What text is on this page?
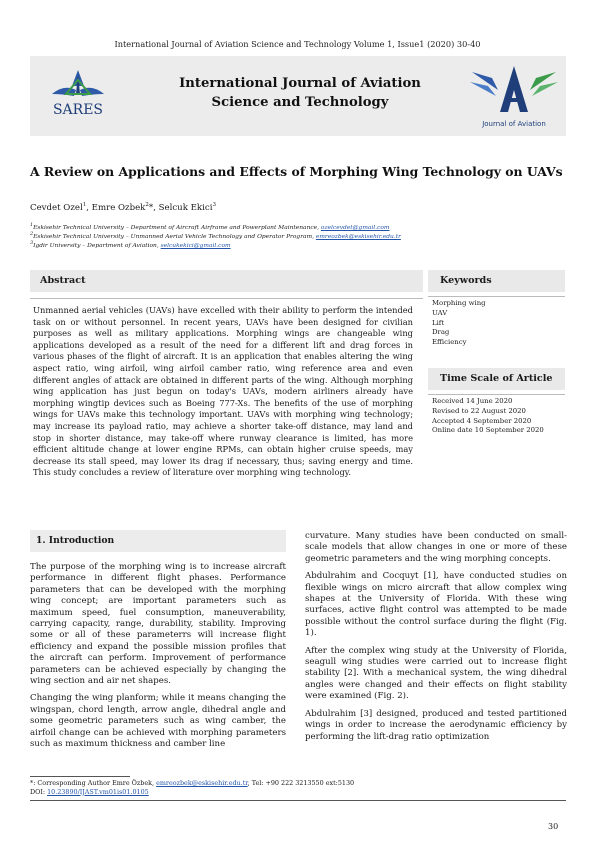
International Journal of Aviation Science and Technology Volume 1, Issue1 (2020) 30-40
SARES
International Journal of Aviation
Science and Technology
Journal of Aviation
A Review on Applications and Effects of Morphing Wing Technology on UAVs
Cevdet Ozel$^1$, Emre Ozbek$^2$*, Selcuk Ekici$^3$
$^1$Eskisehir Technical University – Department of Aircraft Airframe and Powerplant Maintenance, ozelcevdet@gmail.com
$^2$Eskisehir Technical University – Unmanned Aerial Vehicle Technology and Operator Program, emreozbek@eskisehir.edu.tr
$^3$Igdir University – Department of Aviation, selcukekici@gmail.com
Abstract
Unmanned aerial vehicles (UAVs) have excelled with their ability to perform the intended task on or without personnel. In recent years, UAVs have been designed for civilian purposes as well as military applications. Morphing wings are changeable wing applications developed as a result of the need for a different lift and drag forces in various phases of the flight of aircraft. It is an application that enables altering the wing aspect ratio, wing airfoil, wing airfoil camber ratio, wing reference area and even different angles of attack are obtained in different parts of the wing. Although morphing wing application has just begun on today's UAVs, modern airliners already have morphing wingtip devices such as Boeing 777-Xs. The benefits of the use of morphing wings for UAVs make this technology important. UAVs with morphing wing technology; may increase its payload ratio, may achieve a shorter take-off distance, may land and stop in shorter distance, may take-off where runway clearance is limited, has more efficient altitude change at lower engine RPMs, can obtain higher cruise speeds, may decrease its stall speed, may lower its drag if necessary, thus; saving energy and time. This study concludes a review of literature over morphing wing technology.
Keywords
Morphing wing
UAV
Lift
Drag
Efficiency
Time Scale of Article
Received 14 June 2020
Revised to 22 August 2020
Accepted 4 September 2020
Online date 10 September 2020
1. Introduction

The purpose of the morphing wing is to increase aircraft performance in different flight phases. Performance parameters that can be developed with the morphing wing concept; are important parameters such as maximum speed, fuel consumption, maneuverability, carrying capacity, range, durability, stability. Improving some or all of these parameterrs will increase flight efficiency and expand the possible mission profiles that the aircraft can perform. Improvement of performance parameters can be achieved especially by changing the wing section and air net shapes.

Changing the wing planform; while it means changing the wingspan, chord length, arrow angle, dihedral angle and some geometric parameters such as wing camber, the airfoil change can be achieved with morphing parameters such as maximum thickness and camber line

curvature. Many studies have been conducted on small-scale models that allow changes in one or more of these geometric parameters and the wing morphing concepts.

Abdulrahim and Cocquyt [1], have conducted studies on flexible wings on micro aircraft that allow complex wing shapes at the University of Florida. With these wing surfaces, active flight control was attempted to be made possible without the control surface during the flight (Fig. 1).

After the complex wing study at the University of Florida, seagull wing studies were carried out to increase flight stability [2]. With a mechanical system, the wing dihedral angles were changed and their effects on flight stability were examined (Fig. 2).

Abdulrahim [3] designed, produced and tested partitioned wings in order to increase the aerodynamic efficiency by performing the lift-drag ratio optimization

*: Corresponding Author Emre Özbek, emreozbek@eskisehir.edu.tr, Tel: +90 222 3213550 ext:5130
DOI: 10.23890/IJAST.vm01is01.0105
30
